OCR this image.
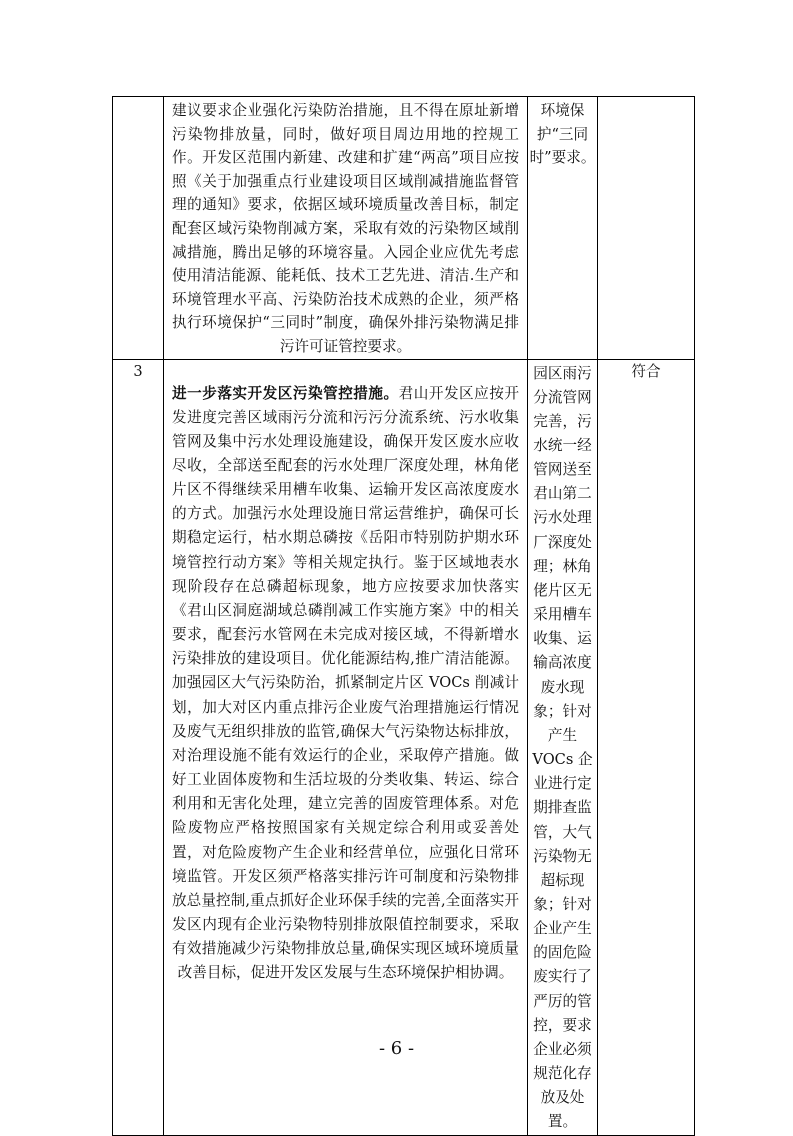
	建议要求企业强化污染防治措施，且不得在原址新增污染物排放量，同时，做好项目周边用地的控规工作。开发区范围内新建、改建和扩建“两高”项目应按照《关于加强重点行业建设项目区域削减措施监督管理的通知》要求，依据区域环境质量改善目标，制定配套区域污染物削减方案，采取有效的污染物区域削减措施，腾出足够的环境容量。入园企业应优先考虑使用清洁能源、能耗低、技术工艺先进、清洁.生产和环境管理水平高、污染防治技术成熟的企业，须严格执行环境保护“三同时”制度，确保外排污染物满足排污许可证管控要求。	环境保护“三同时”要求。	
3	进一步落实开发区污染管控措施。君山开发区应按开发进度完善区域雨污分流和污污分流系统、污水收集管网及集中污水处理设施建设，确保开发区废水应收尽收，全部送至配套的污水处理厂深度处理，林角佬片区不得继续采用槽车收集、运输开发区高浓度废水的方式。加强污水处理设施日常运营维护，确保可长期稳定运行，枯水期总磷按《岳阳市特别防护期水环境管控行动方案》等相关规定执行。鉴于区域地表水现阶段存在总磷超标现象，地方应按要求加快落实《君山区洞庭湖域总磷削减工作实施方案》中的相关要求，配套污水管网在未完成对接区域，不得新增水污染排放的建设项目。优化能源结构,推广清洁能源。加强园区大气污染防治，抓紧制定片区 VOCs 削减计划，加大对区内重点排污企业废气治理措施运行情况及废气无组织排放的监管,确保大气污染物达标排放，对治理设施不能有效运行的企业，采取停产措施。做好工业固体废物和生活垃圾的分类收集、转运、综合利用和无害化处理，建立完善的固废管理体系。对危险废物应严格按照国家有关规定综合利用或妥善处置，对危险废物产生企业和经营单位，应强化日常环境监管。开发区须严格落实排污许可制度和污染物排放总量控制,重点抓好企业环保手续的完善,全面落实开发区内现有企业污染物特别排放限值控制要求，采取有效措施减少污染物排放总量,确保实现区域环境质量改善目标，促进开发区发展与生态环境保护相协调。	园区雨污分流管网完善，污水统一经管网送至君山第二污水处理厂深度处理；林角佬片区无采用槽车收集、运输高浓度废水现象；针对产生VOCs 企业进行定期排查监管，大气污染物无超标现象；针对企业产生的固危险废实行了严厉的管控，要求企业必须规范化存放及处置。	符合
- 6 -
